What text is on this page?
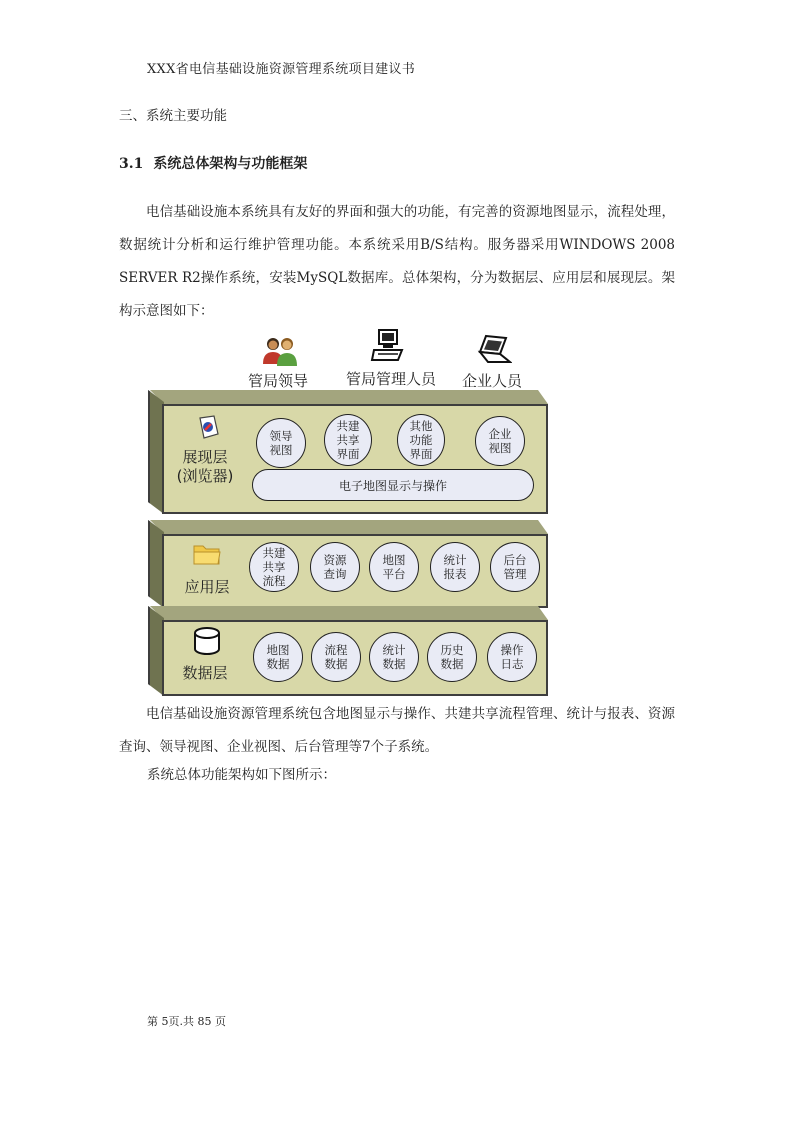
XXX省电信基础设施资源管理系统项目建议书
三、系统主要功能
3.1 系统总体架构与功能框架
电信基础设施本系统具有友好的界面和强大的功能，有完善的资源地图显示，流程处理，数据统计分析和运行维护管理功能。本系统采用B/S结构。服务器采用WINDOWS 2008 SERVER R2操作系统，安装MySQL数据库。总体架构，分为数据层、应用层和展现层。架构示意图如下：
管局领导	管局管理人员 企业人员
展现层
(浏览器)
领导
视图
共建
共享
界面
其他
功能
界面
企业
视图
电子地图显示与操作
应用层
共建
共享
流程
资源
查询
地图
平台
统计
报表
后台
管理
数据层
地图
数据
流程
数据
统计
数据
历史
数据
操作
日志
电信基础设施资源管理系统包含地图显示与操作、共建共享流程管理、统计与报表、资源查询、领导视图、企业视图、后台管理等7个子系统。
系统总体功能架构如下图所示：
第 5页.共 85 页
